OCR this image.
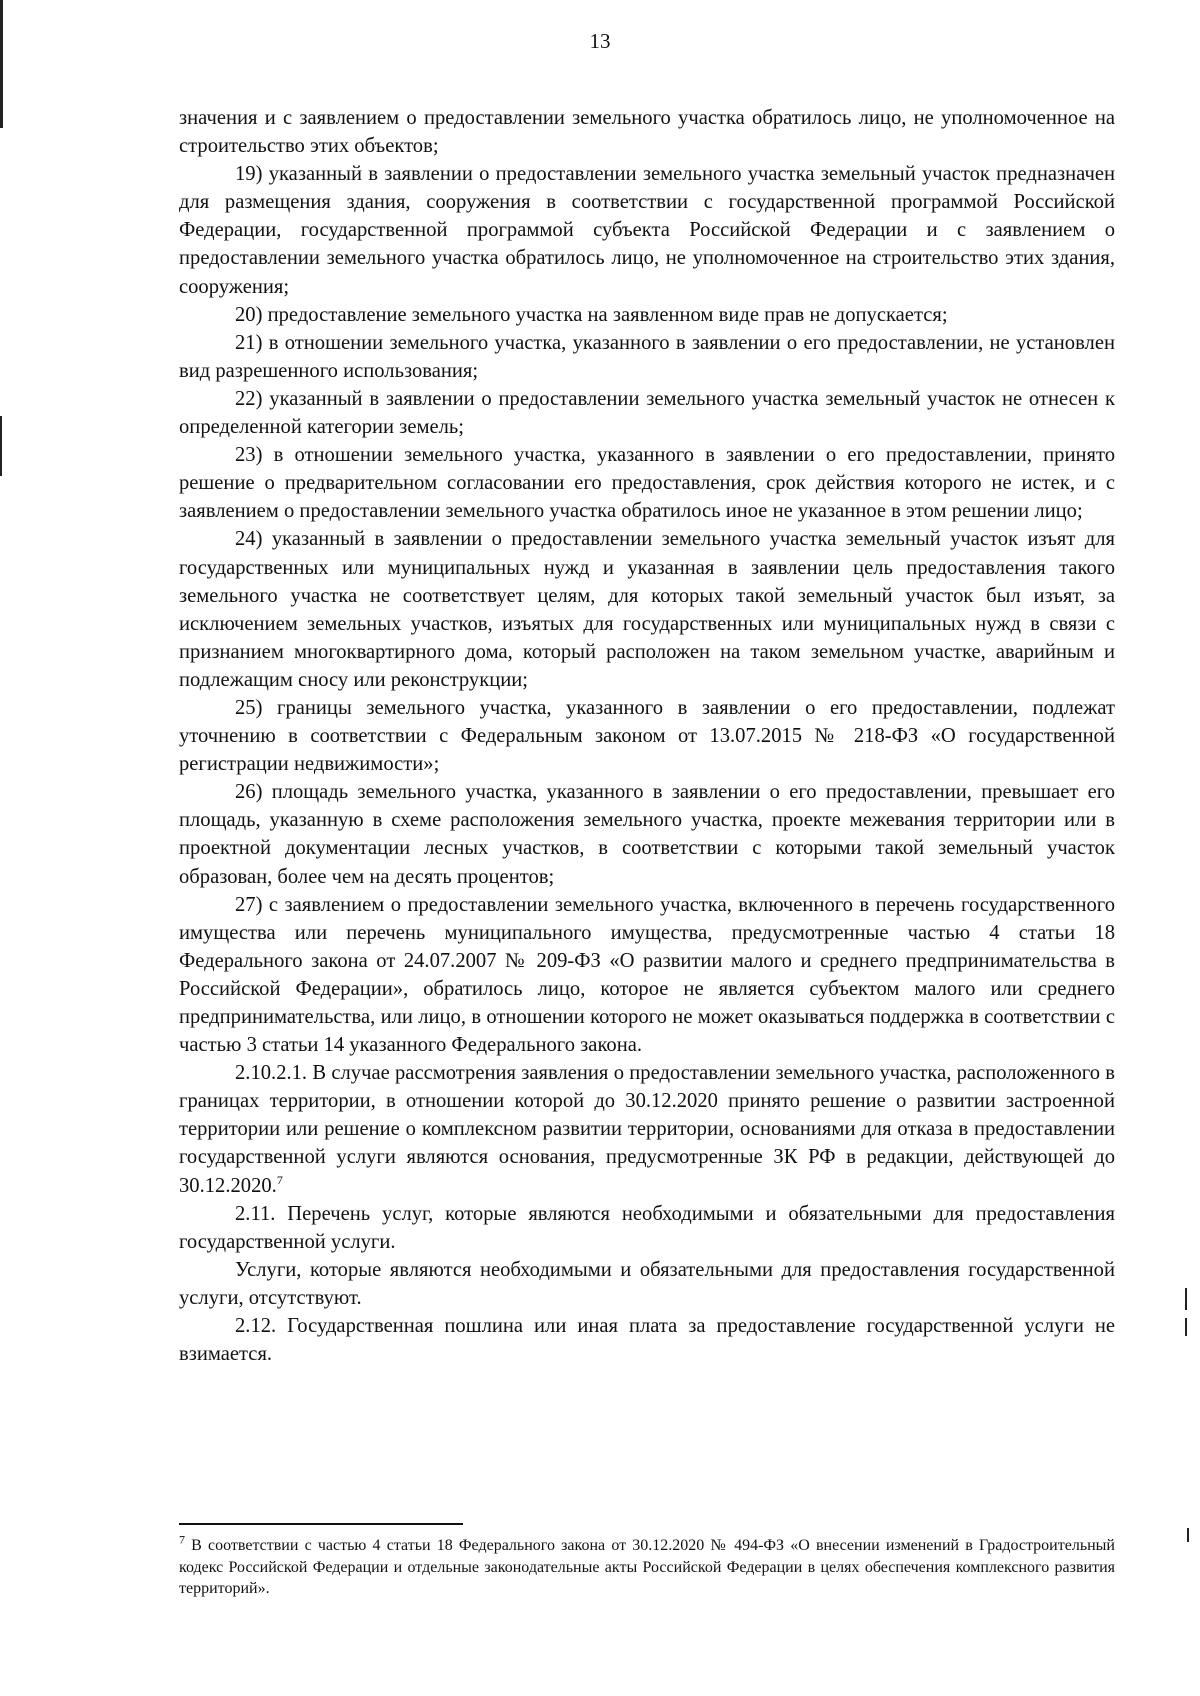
13

значения и с заявлением о предоставлении земельного участка обратилось лицо, не уполномоченное на строительство этих объектов;

19) указанный в заявлении о предоставлении земельного участка земельный участок предназначен для размещения здания, сооружения в соответствии с государственной программой Российской Федерации, государственной программой субъекта Российской Федерации и с заявлением о предоставлении земельного участка обратилось лицо, не уполномоченное на строительство этих здания, сооружения;

20) предоставление земельного участка на заявленном виде прав не допускается;

21) в отношении земельного участка, указанного в заявлении о его предоставлении, не установлен вид разрешенного использования;

22) указанный в заявлении о предоставлении земельного участка земельный участок не отнесен к определенной категории земель;

23) в отношении земельного участка, указанного в заявлении о его предоставлении, принято решение о предварительном согласовании его предоставления, срок действия которого не истек, и с заявлением о предоставлении земельного участка обратилось иное не указанное в этом решении лицо;

24) указанный в заявлении о предоставлении земельного участка земельный участок изъят для государственных или муниципальных нужд и указанная в заявлении цель предоставления такого земельного участка не соответствует целям, для которых такой земельный участок был изъят, за исключением земельных участков, изъятых для государственных или муниципальных нужд в связи с признанием многоквартирного дома, который расположен на таком земельном участке, аварийным и подлежащим сносу или реконструкции;

25) границы земельного участка, указанного в заявлении о его предоставлении, подлежат уточнению в соответствии с Федеральным законом от 13.07.2015 № 218-ФЗ «О государственной регистрации недвижимости»;

26) площадь земельного участка, указанного в заявлении о его предоставлении, превышает его площадь, указанную в схеме расположения земельного участка, проекте межевания территории или в проектной документации лесных участков, в соответствии с которыми такой земельный участок образован, более чем на десять процентов;

27) с заявлением о предоставлении земельного участка, включенного в перечень государственного имущества или перечень муниципального имущества, предусмотренные частью 4 статьи 18 Федерального закона от 24.07.2007 № 209-ФЗ «О развитии малого и среднего предпринимательства в Российской Федерации», обратилось лицо, которое не является субъектом малого или среднего предпринимательства, или лицо, в отношении которого не может оказываться поддержка в соответствии с частью 3 статьи 14 указанного Федерального закона.

2.10.2.1. В случае рассмотрения заявления о предоставлении земельного участка, расположенного в границах территории, в отношении которой до 30.12.2020 принято решение о развитии застроенной территории или решение о комплексном развитии территории, основаниями для отказа в предоставлении государственной услуги являются основания, предусмотренные ЗК РФ в редакции, действующей до 30.12.2020.$^7$

2.11. Перечень услуг, которые являются необходимыми и обязательными для предоставления государственной услуги.

Услуги, которые являются необходимыми и обязательными для предоставления государственной услуги, отсутствуют.

2.12. Государственная пошлина или иная плата за предоставление государственной услуги не взимается.

$^7$ В соответствии с частью 4 статьи 18 Федерального закона от 30.12.2020 № 494-ФЗ «О внесении изменений в Градостроительный кодекс Российской Федерации и отдельные законодательные акты Российской Федерации в целях обеспечения комплексного развития территорий».
